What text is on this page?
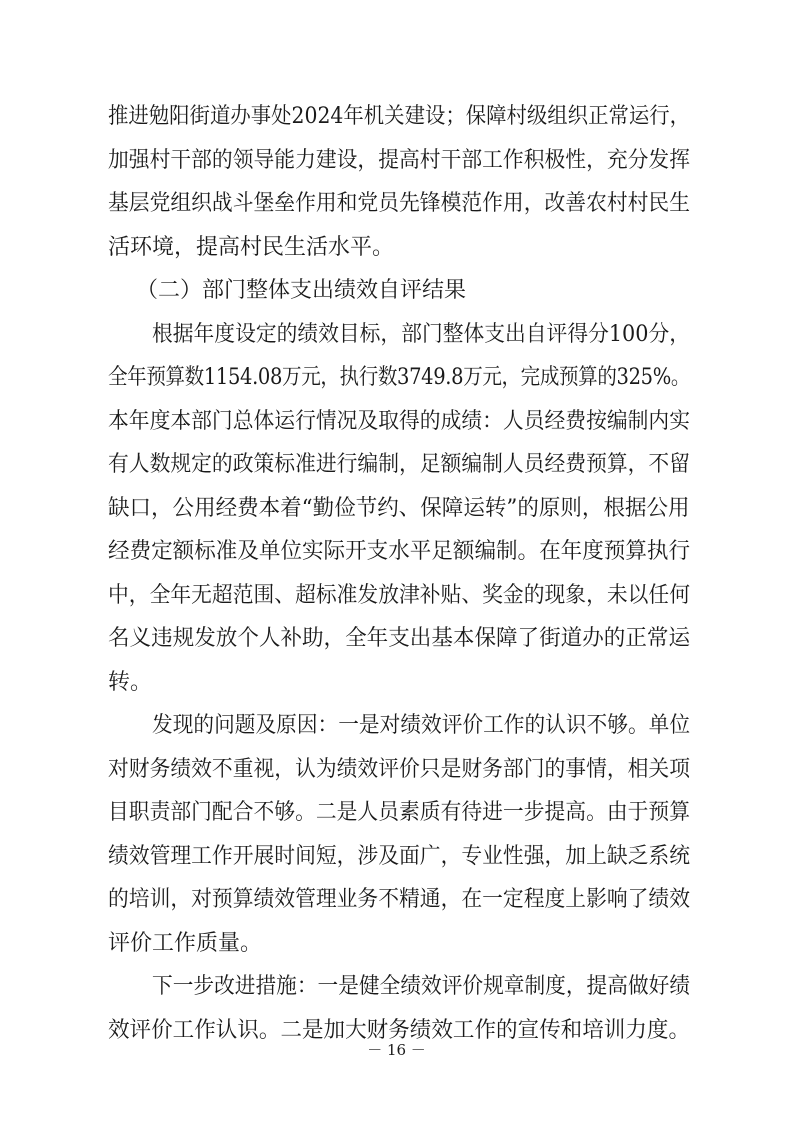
推进勉阳街道办事处2024年机关建设；保障村级组织正常运行，
加强村干部的领导能力建设，提高村干部工作积极性，充分发挥
基层党组织战斗堡垒作用和党员先锋模范作用，改善农村村民生
活环境，提高村民生活水平。
（二）部门整体支出绩效自评结果
根据年度设定的绩效目标，部门整体支出自评得分100分，
全年预算数1154.08万元，执行数3749.8万元，完成预算的325%。
本年度本部门总体运行情况及取得的成绩：人员经费按编制内实
有人数规定的政策标准进行编制，足额编制人员经费预算，不留
缺口，公用经费本着“勤俭节约、保障运转”的原则，根据公用
经费定额标准及单位实际开支水平足额编制。在年度预算执行
中，全年无超范围、超标准发放津补贴、奖金的现象，未以任何
名义违规发放个人补助，全年支出基本保障了街道办的正常运
转。
发现的问题及原因：一是对绩效评价工作的认识不够。单位
对财务绩效不重视，认为绩效评价只是财务部门的事情，相关项
目职责部门配合不够。二是人员素质有待进一步提高。由于预算
绩效管理工作开展时间短，涉及面广，专业性强，加上缺乏系统
的培训，对预算绩效管理业务不精通，在一定程度上影响了绩效
评价工作质量。
下一步改进措施：一是健全绩效评价规章制度，提高做好绩
效评价工作认识。二是加大财务绩效工作的宣传和培训力度。
－ 16 －
